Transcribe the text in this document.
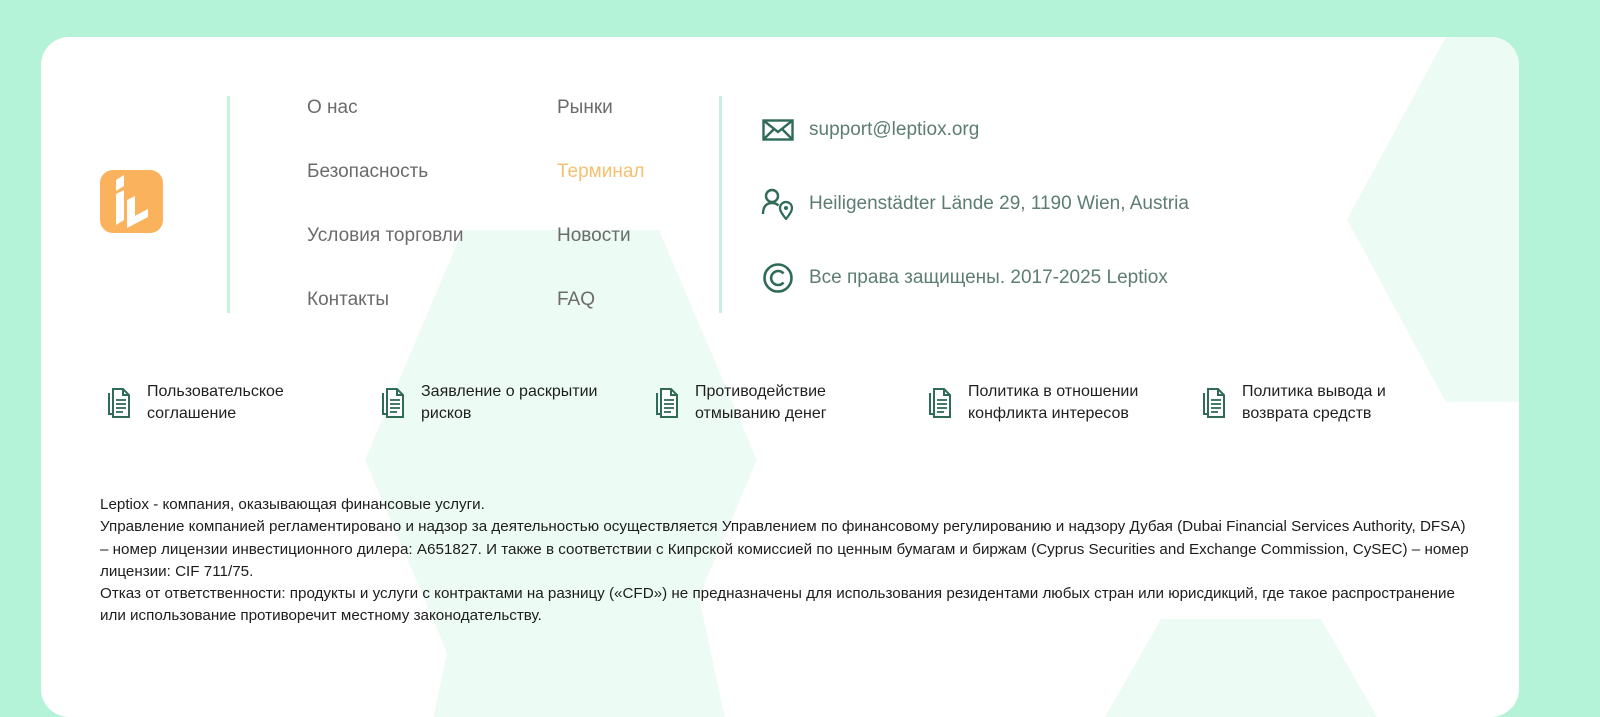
О нас
Безопасность
Условия торговли
Контакты
Рынки
Терминал
Новости
FAQ
support@leptiox.org
Heiligenstädter Lände 29, 1190 Wien, Austria
Все права защищены. 2017-2025 Leptiox
Пользовательское
соглашение
Заявление о раскрытии
рисков
Противодействие
отмыванию денег
Политика в отношении
конфликта интересов
Политика вывода и
возврата средств

Leptiox - компания, оказывающая финансовые услуги.

Управление компанией регламентировано и надзор за деятельностью осуществляется Управлением по финансовому регулированию и надзору Дубая (Dubai Financial Services Authority, DFSA) – номер лицензии инвестиционного дилера: A651827. И также в соответствии с Кипрской комиссией по ценным бумагам и биржам (Cyprus Securities and Exchange Commission, CySEC) – номер лицензии: CIF 711/75.

Отказ от ответственности: продукты и услуги с контрактами на разницу («CFD») не предназначены для использования резидентами любых стран или юрисдикций, где такое распространение или использование противоречит местному законодательству.
